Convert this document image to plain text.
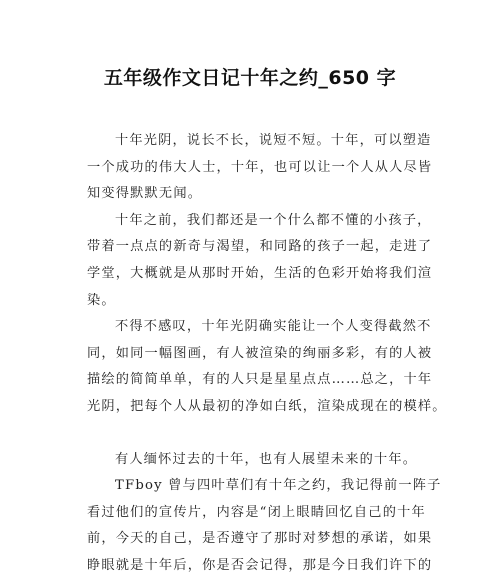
五年级作文日记十年之约_650 字
十年光阴，说长不长，说短不短。十年，可以塑造
一个成功的伟大人士，十年，也可以让一个人从人尽皆
知变得默默无闻。
十年之前，我们都还是一个什么都不懂的小孩子，
带着一点点的新奇与渴望，和同路的孩子一起，走进了
学堂，大概就是从那时开始，生活的色彩开始将我们渲
染。
不得不感叹，十年光阴确实能让一个人变得截然不
同，如同一幅图画，有人被渲染的绚丽多彩，有的人被
描绘的简简单单，有的人只是星星点点……总之，十年
光阴，把每个人从最初的净如白纸，渲染成现在的模样。
有人缅怀过去的十年，也有人展望未来的十年。
TFboy 曾与四叶草们有十年之约，我记得前一阵子
看过他们的宣传片，内容是“闭上眼睛回忆自己的十年
前，今天的自己，是否遵守了那时对梦想的承诺，如果
睁眼就是十年后，你是否会记得，那是今日我们许下的
